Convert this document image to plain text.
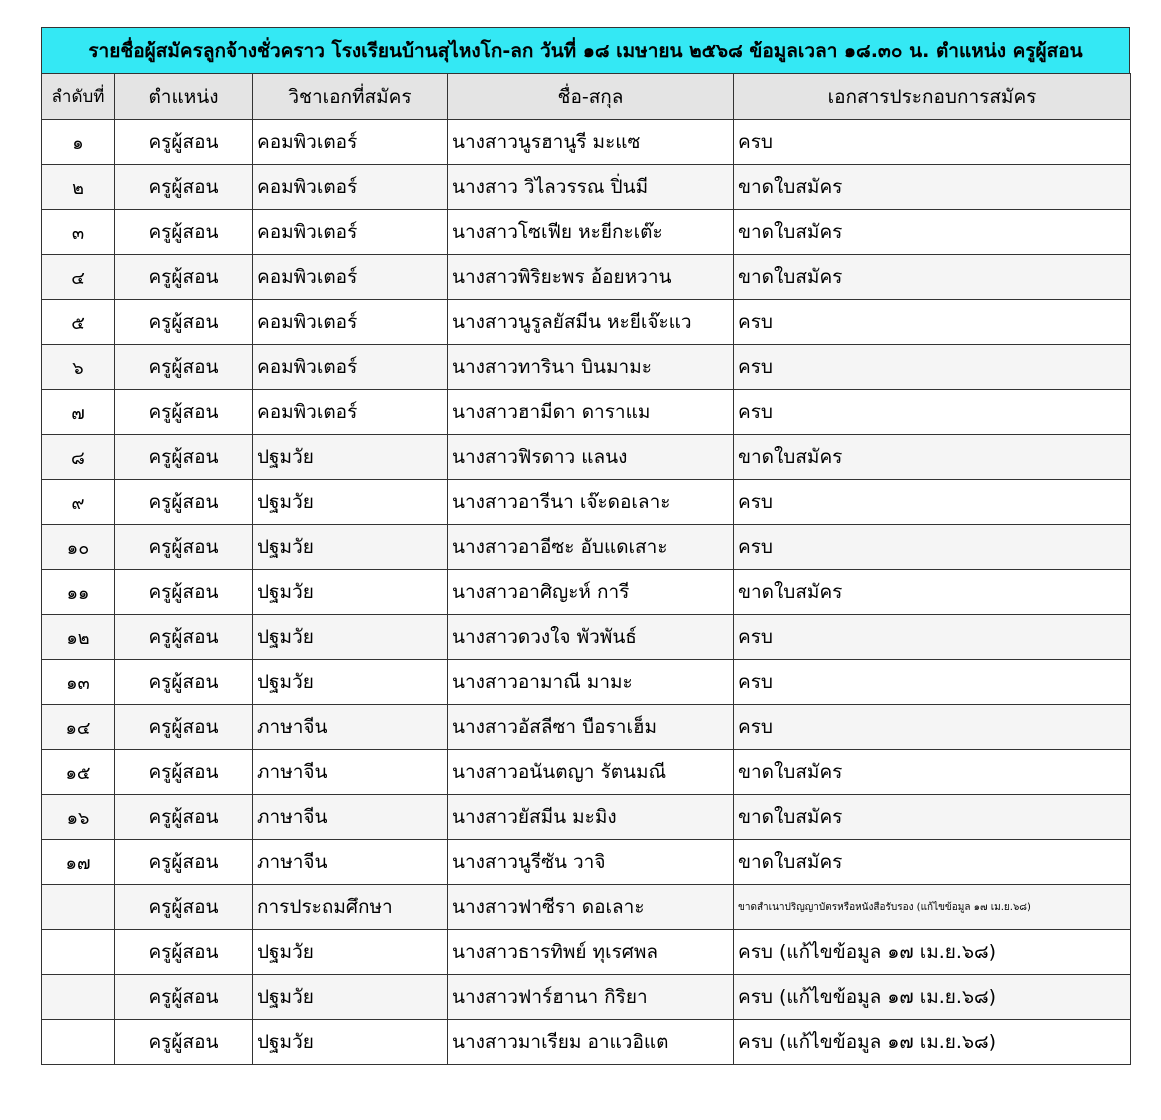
รายชื่อผู้สมัครลูกจ้างชั่วคราว โรงเรียนบ้านสุไหงโก-ลก วันที่ ๑๘ เมษายน ๒๕๖๘ ข้อมูลเวลา ๑๘.๓๐ น. ตำแหน่ง ครูผู้สอน
ลำดับที่	ตำแหน่ง	วิชาเอกที่สมัคร	ชื่อ-สกุล	เอกสารประกอบการสมัคร
๑	ครูผู้สอน	คอมพิวเตอร์	นางสาวนูรฮานูรี มะแซ	ครบ
๒	ครูผู้สอน	คอมพิวเตอร์	นางสาว วิไลวรรณ ปิ่นมี	ขาดใบสมัคร
๓	ครูผู้สอน	คอมพิวเตอร์	นางสาวโซเฟีย หะยีกะเต๊ะ	ขาดใบสมัคร
๔	ครูผู้สอน	คอมพิวเตอร์	นางสาวพิริยะพร อ้อยหวาน	ขาดใบสมัคร
๕	ครูผู้สอน	คอมพิวเตอร์	นางสาวนูรูลยัสมีน หะยีเจ๊ะแว	ครบ
๖	ครูผู้สอน	คอมพิวเตอร์	นางสาวทารินา บินมามะ	ครบ
๗	ครูผู้สอน	คอมพิวเตอร์	นางสาวฮามีดา ดาราแม	ครบ
๘	ครูผู้สอน	ปฐมวัย	นางสาวฟิรดาว แลนง	ขาดใบสมัคร
๙	ครูผู้สอน	ปฐมวัย	นางสาวอารีนา เจ๊ะดอเลาะ	ครบ
๑๐	ครูผู้สอน	ปฐมวัย	นางสาวอาอีซะ อับแดเสาะ	ครบ
๑๑	ครูผู้สอน	ปฐมวัย	นางสาวอาศิญะห์ การี	ขาดใบสมัคร
๑๒	ครูผู้สอน	ปฐมวัย	นางสาวดวงใจ พัวพันธ์	ครบ
๑๓	ครูผู้สอน	ปฐมวัย	นางสาวอามาณี มามะ	ครบ
๑๔	ครูผู้สอน	ภาษาจีน	นางสาวอัสลีซา บือราเฮ็ม	ครบ
๑๕	ครูผู้สอน	ภาษาจีน	นางสาวอนันตญา รัตนมณี	ขาดใบสมัคร
๑๖	ครูผู้สอน	ภาษาจีน	นางสาวยัสมีน มะมิง	ขาดใบสมัคร
๑๗	ครูผู้สอน	ภาษาจีน	นางสาวนูรีซัน วาจิ	ขาดใบสมัคร
	ครูผู้สอน	การประถมศึกษา	นางสาวฟาซีรา ดอเลาะ	ขาดสำเนาปริญญาบัตรหรือหนังสือรับรอง (แก้ไขข้อมูล ๑๗ เม.ย.๖๘)
	ครูผู้สอน	ปฐมวัย	นางสาวธารทิพย์ ทุเรศพล	ครบ (แก้ไขข้อมูล ๑๗ เม.ย.๖๘)
	ครูผู้สอน	ปฐมวัย	นางสาวฟาร์ฮานา กิริยา	ครบ (แก้ไขข้อมูล ๑๗ เม.ย.๖๘)
	ครูผู้สอน	ปฐมวัย	นางสาวมาเรียม อาแวอิแต	ครบ (แก้ไขข้อมูล ๑๗ เม.ย.๖๘)
